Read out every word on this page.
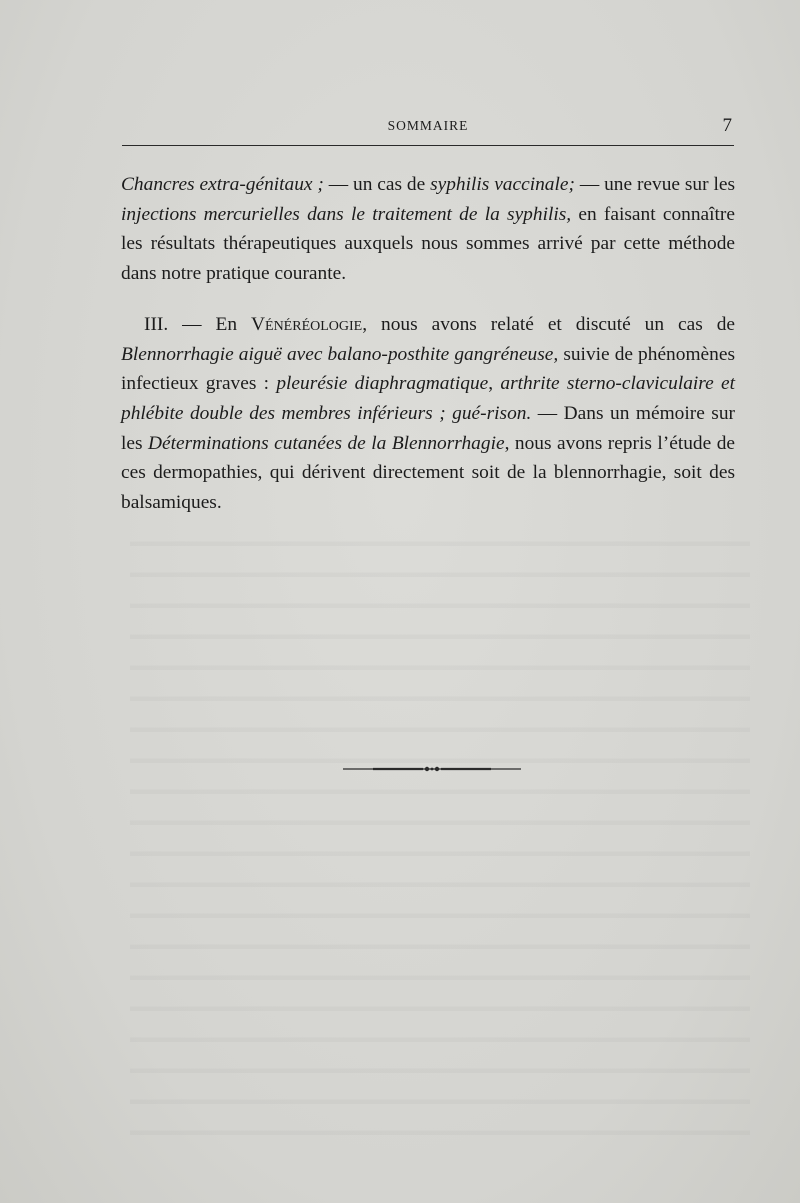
SOMMAIRE	7

Chancres extra-génitaux ; — un cas de syphilis vaccinale; — une revue sur les injections mercurielles dans le traitement de la syphilis, en faisant connaître les résultats thérapeutiques auxquels nous sommes arrivé par cette méthode dans notre pratique courante.

III. — En Vénéréologie, nous avons relaté et discuté un cas de Blennorrhagie aiguë avec balano-posthite gangréneuse, suivie de phénomènes infectieux graves : pleurésie diaphragmatique, arthrite sterno-claviculaire et phlébite double des membres inférieurs ; gué-rison. — Dans un mémoire sur les Déterminations cutanées de la Blennorrhagie, nous avons repris l’étude de ces dermopathies, qui dérivent directement soit de la blennorrhagie, soit des balsamiques.
